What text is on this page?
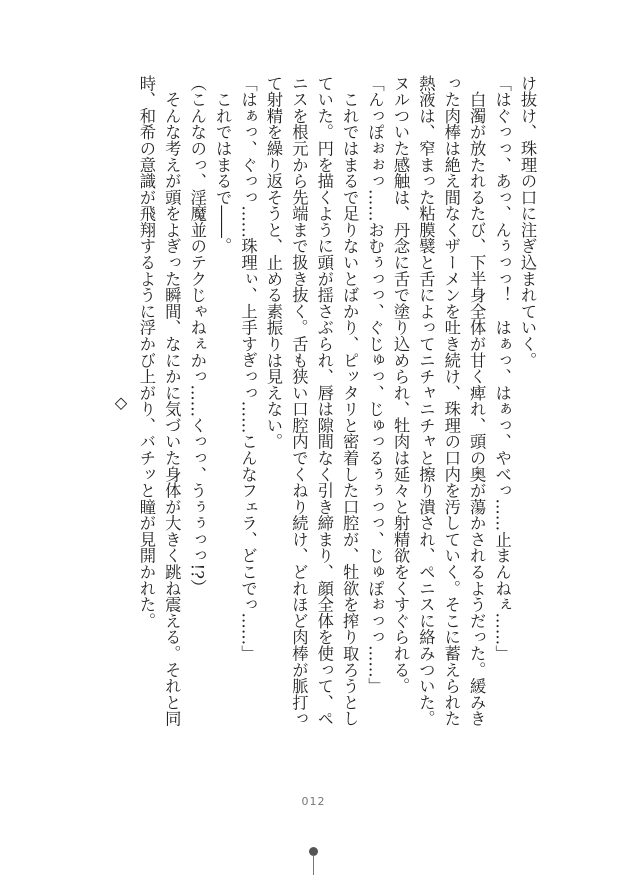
け抜け、珠理の口に注ぎ込まれていく。
「はぐっっ、あっ、んぅっっ！　はぁっ、はぁっ、やべっ……止まんねぇ……」
　白濁が放たれるたび、下半身全体が甘く痺れ、頭の奥が蕩かされるようだった。緩みき
った肉棒は絶え間なくザーメンを吐き続け、珠理の口内を汚していく。そこに蓄えられた
熱液は、窄まった粘膜襞と舌によってニチャニチャと擦り潰され、ペニスに絡みついた。
ヌルついた感触は、丹念に舌で塗り込められ、牡肉は延々と射精欲をくすぐられる。
「んっぽぉぉっ……おむぅっっ、ぐじゅっ、じゅっるぅぅっっ、じゅぽぉっっ……」
　これではまるで足りないとばかり、ピッタリと密着した口腔が、牡欲を搾り取ろうとし
ていた。円を描くように頭が揺さぶられ、唇は隙間なく引き締まり、顔全体を使って、ペ
ニスを根元から先端まで扱き抜く。舌も狭い口腔内でくねり続け、どれほど肉棒が脈打っ
て射精を繰り返そうと、止める素振りは見えない。
「はぁっ、ぐっっ……珠理ぃ、上手すぎっっ……こんなフェラ、どこでっ……」
　これではまるで――。
（こんなのっ、淫魔並のテクじゃねぇかっ……くっっ、うぅぅっっ!?）
　そんな考えが頭をよぎった瞬間、なにかに気づいた身体が大きく跳ね震える。それと同
時、和希の意識が飛翔するように浮かび上がり、バチッと瞳が見開かれた。
◇
012
